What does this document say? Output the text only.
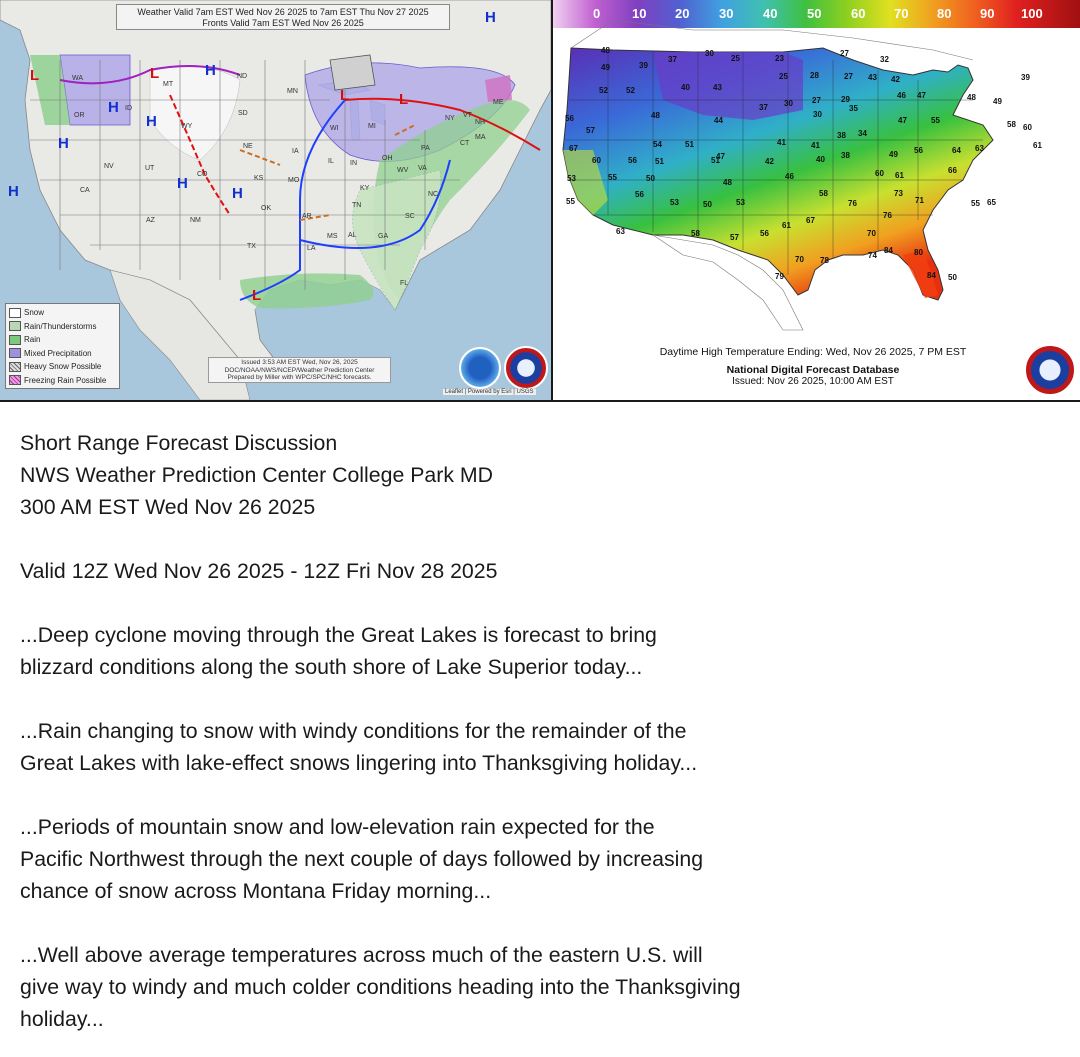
H
H
H
H
H
H	H
H
L	L
L	L
L
WA
OR
CA
NV	UT
AZ
MT
ID
WY
CO
NM
ND
SD
NE
KS
OK
TX
MN
IA
MO
AR
LA
WI
IL IN
MI
OH
KY
TN
MS AL	GA
FL
SC
NC
VA
WV
PA
NY
ME
VT
NH
MA
CT
Weather Valid 7am EST Wed Nov 26 2025 to 7am EST Thu Nov 27 2025
Fronts Valid 7am EST Wed Nov 26 2025
Snow
Rain/Thunderstorms
Rain
Mixed Precipitation
Heavy Snow Possible
Freezing Rain Possible
Issued 3:53 AM EST Wed, Nov 26, 2025
DOC/NOAA/NWS/NCEP/Weather Prediction Center
Prepared by Miller with WPC/SPC/NHC forecasts.
Leaflet | Powered by Esri | USGS
0 10 20 30 40 50 60 70 80 90 100
48
49	39
37
30
25	23
27
32
52 52	40	43
25	28	27 43 42	39
56	48
37 30 27	29	46 47	48 49
57
44
30
35
55	58 60
67	54	51	41	41
38 34
47
61
60	56 51	51
47
42	40 38	49 56	64 63
53	55	50	48
46	60 61
66
55
56
53	50	53
58	73
71	55 65
76
76
63	58	57	56
61
67
70
70 78
74
84	80
79	84 50
Daytime High Temperature Ending: Wed, Nov 26 2025, 7 PM EST
National Digital Forecast Database
Issued: Nov 26 2025, 10:00 AM EST

Short Range Forecast Discussion

NWS Weather Prediction Center College Park MD

300 AM EST Wed Nov 26 2025

Valid 12Z Wed Nov 26 2025 - 12Z Fri Nov 28 2025

...Deep cyclone moving through the Great Lakes is forecast to bring

blizzard conditions along the south shore of Lake Superior today...

...Rain changing to snow with windy conditions for the remainder of the

Great Lakes with lake-effect snows lingering into Thanksgiving holiday...

...Periods of mountain snow and low-elevation rain expected for the

Pacific Northwest through the next couple of days followed by increasing

chance of snow across Montana Friday morning...

...Well above average temperatures across much of the eastern U.S. will

give way to windy and much colder conditions heading into the Thanksgiving

holiday...
